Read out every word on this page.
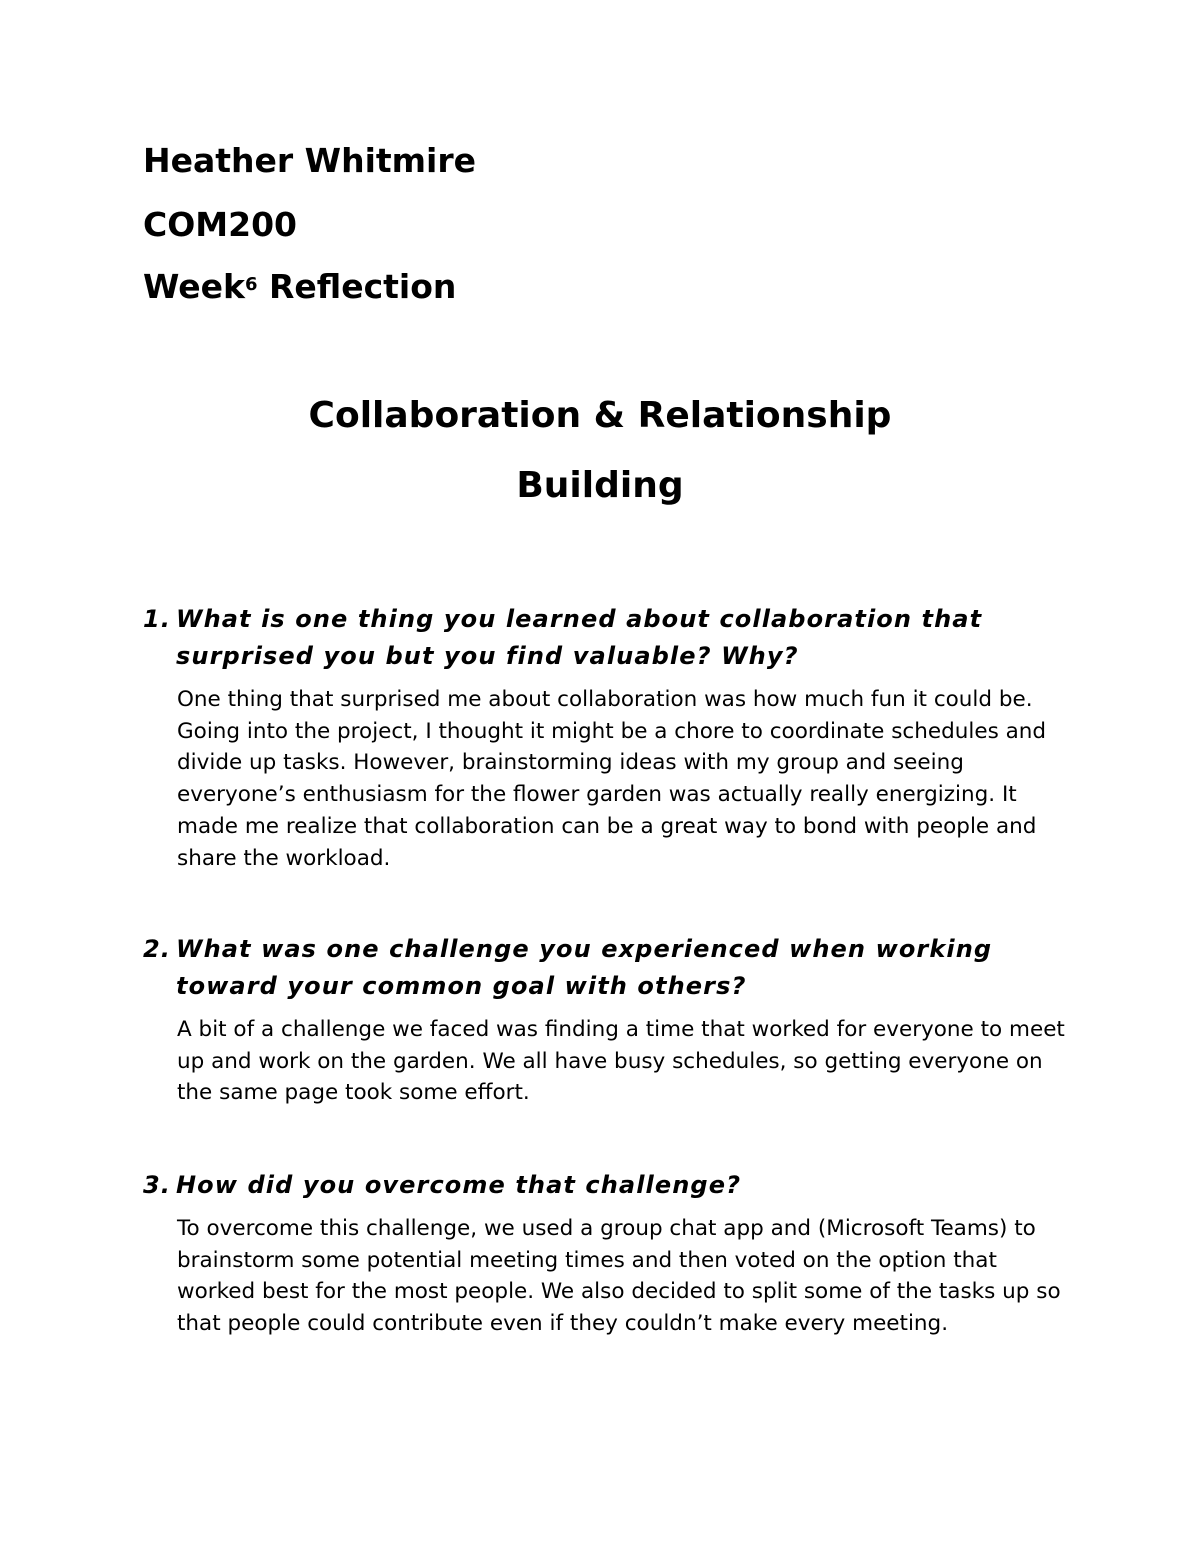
Heather Whitmire
COM200
Week$^6$ Reflection
Collaboration & Relationship
Building
1. What is one thing you learned about collaboration that surprised you but you find valuable? Why?
One thing that surprised me about collaboration was how much fun it could be. Going into the project, I thought it might be a chore to coordinate schedules and divide up tasks. However, brainstorming ideas with my group and seeing everyone’s enthusiasm for the flower garden was actually really energizing. It made me realize that collaboration can be a great way to bond with people and share the workload.
2. What was one challenge you experienced when working toward your common goal with others?
A bit of a challenge we faced was finding a time that worked for everyone to meet up and work on the garden. We all have busy schedules, so getting everyone on the same page took some effort.
3. How did you overcome that challenge?
To overcome this challenge, we used a group chat app and (Microsoft Teams) to brainstorm some potential meeting times and then voted on the option that worked best for the most people. We also decided to split some of the tasks up so that people could contribute even if they couldn’t make every meeting.
